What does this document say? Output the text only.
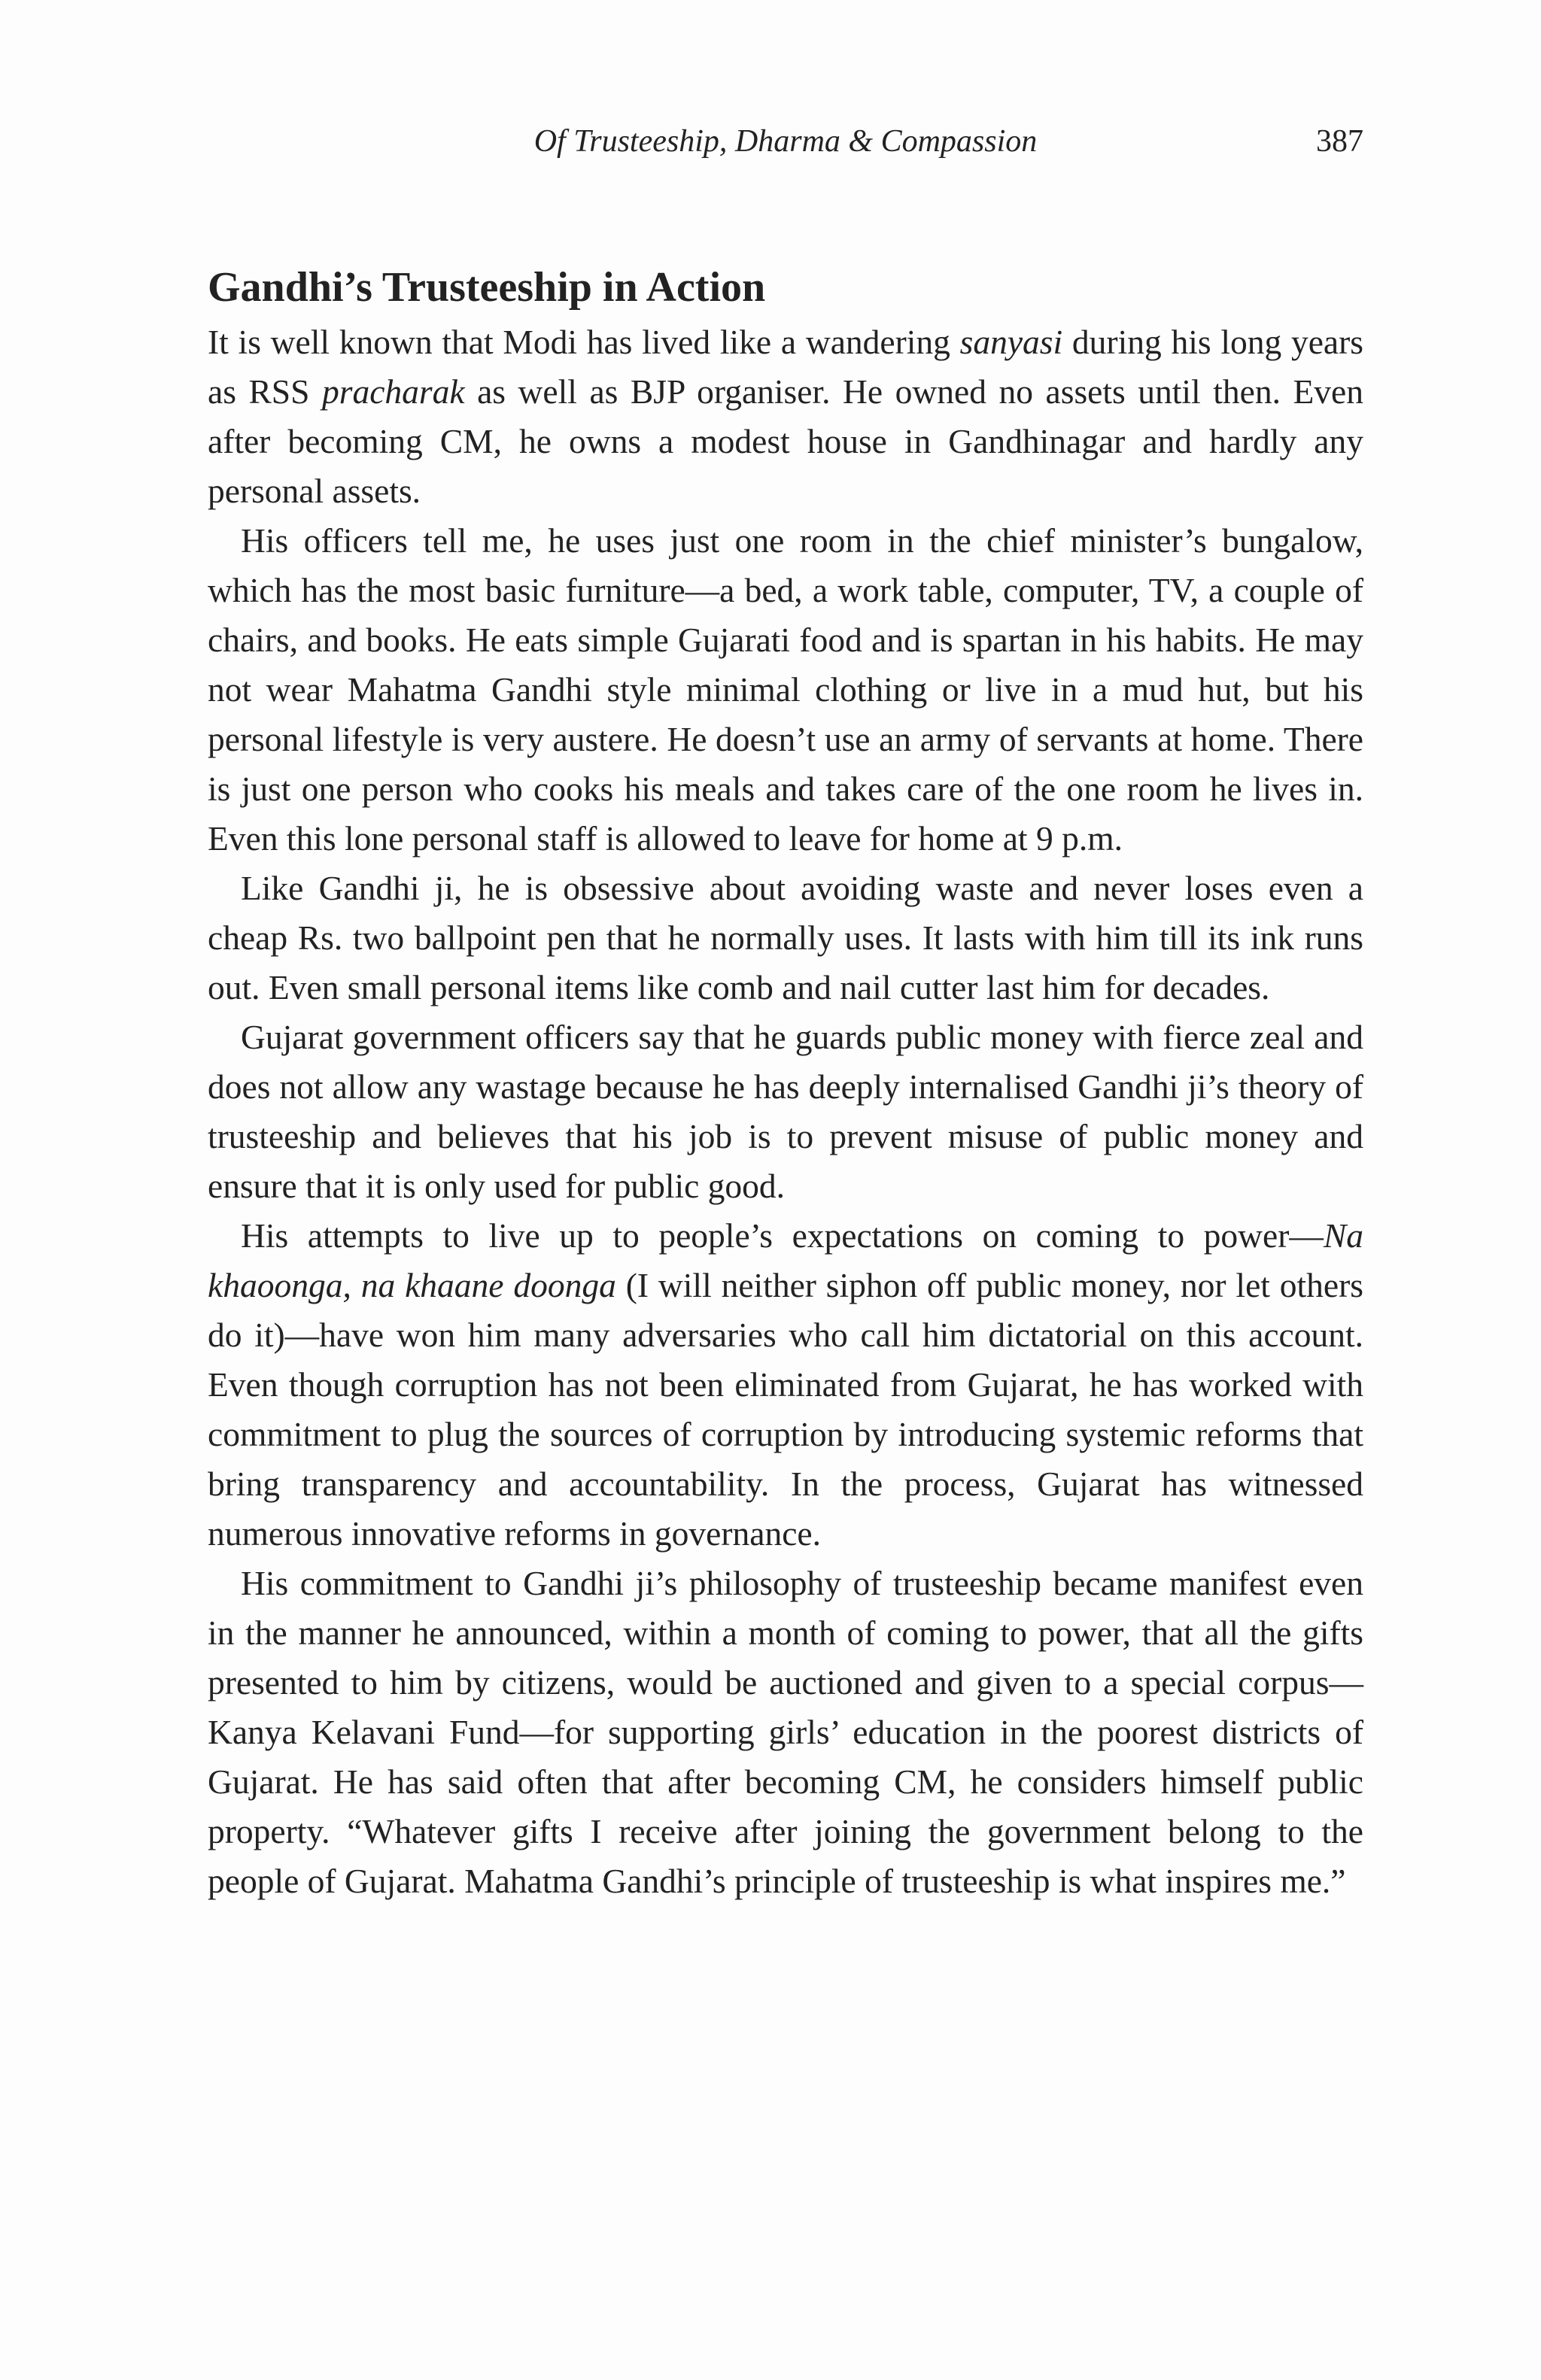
Of Trusteeship, Dharma & Compassion	387
Gandhi’s Trusteeship in Action

It is well known that Modi has lived like a wandering sanyasi during his long years as RSS pracharak as well as BJP organiser. He owned no assets until then. Even after becoming CM, he owns a modest house in Gandhinagar and hardly any personal assets.

His officers tell me, he uses just one room in the chief minister’s bungalow, which has the most basic furniture—a bed, a work table, computer, TV, a couple of chairs, and books. He eats simple Gujarati food and is spartan in his habits. He may not wear Mahatma Gandhi style minimal clothing or live in a mud hut, but his personal lifestyle is very austere. He doesn’t use an army of servants at home. There is just one person who cooks his meals and takes care of the one room he lives in. Even this lone personal staff is allowed to leave for home at 9 p.m.

Like Gandhi ji, he is obsessive about avoiding waste and never loses even a cheap Rs. two ballpoint pen that he normally uses. It lasts with him till its ink runs out. Even small personal items like comb and nail cutter last him for decades.

Gujarat government officers say that he guards public money with fierce zeal and does not allow any wastage because he has deeply internalised Gandhi ji’s theory of trusteeship and believes that his job is to prevent misuse of public money and ensure that it is only used for public good.

His attempts to live up to people’s expectations on coming to power—Na khaoonga, na khaane doonga (I will neither siphon off public money, nor let others do it)—have won him many adversaries who call him dictatorial on this account. Even though corruption has not been eliminated from Gujarat, he has worked with commitment to plug the sources of corruption by introducing systemic reforms that bring transparency and accountability. In the process, Gujarat has witnessed numerous innovative reforms in governance.

His commitment to Gandhi ji’s philosophy of trusteeship became manifest even in the manner he announced, within a month of coming to power, that all the gifts presented to him by citizens, would be auctioned and given to a special corpus—Kanya Kelavani Fund—for supporting girls’ education in the poorest districts of Gujarat. He has said often that after becoming CM, he considers himself public property. “Whatever gifts I receive after joining the government belong to the people of Gujarat. Mahatma Gandhi’s principle of trusteeship is what inspires me.”
